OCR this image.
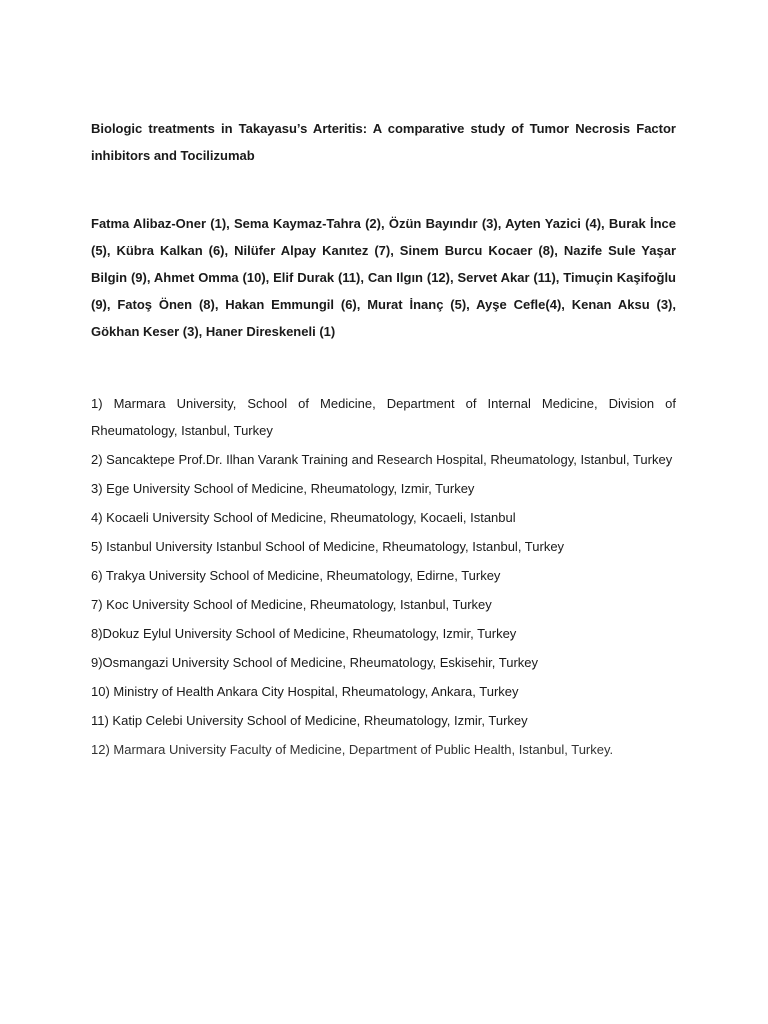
Biologic treatments in Takayasu’s Arteritis: A comparative study of Tumor Necrosis Factor inhibitors and Tocilizumab

Fatma Alibaz-Oner (1), Sema Kaymaz-Tahra (2), Özün Bayındır (3), Ayten Yazici (4), Burak İnce (5), Kübra Kalkan (6), Nilüfer Alpay Kanıtez (7), Sinem Burcu Kocaer (8), Nazife Sule Yaşar Bilgin (9), Ahmet Omma (10), Elif Durak (11), Can Ilgın (12), Servet Akar (11), Timuçin Kaşifoğlu (9), Fatoş Önen (8), Hakan Emmungil (6), Murat İnanç (5), Ayşe Cefle(4), Kenan Aksu (3), Gökhan Keser (3), Haner Direskeneli (1)

1) Marmara University, School of Medicine, Department of Internal Medicine, Division of Rheumatology, Istanbul, Turkey
2) Sancaktepe Prof.Dr. Ilhan Varank Training and Research Hospital, Rheumatology, Istanbul, Turkey
3) Ege University School of Medicine, Rheumatology, Izmir, Turkey
4) Kocaeli University School of Medicine, Rheumatology, Kocaeli, Istanbul
5) Istanbul University Istanbul School of Medicine, Rheumatology, Istanbul, Turkey
6) Trakya University School of Medicine, Rheumatology, Edirne, Turkey
7) Koc University School of Medicine, Rheumatology, Istanbul, Turkey
8)Dokuz Eylul University School of Medicine, Rheumatology, Izmir, Turkey
9)Osmangazi University School of Medicine, Rheumatology, Eskisehir, Turkey
10) Ministry of Health Ankara City Hospital, Rheumatology, Ankara, Turkey
11) Katip Celebi University School of Medicine, Rheumatology, Izmir, Turkey
12) Marmara University Faculty of Medicine, Department of Public Health, Istanbul, Turkey.
